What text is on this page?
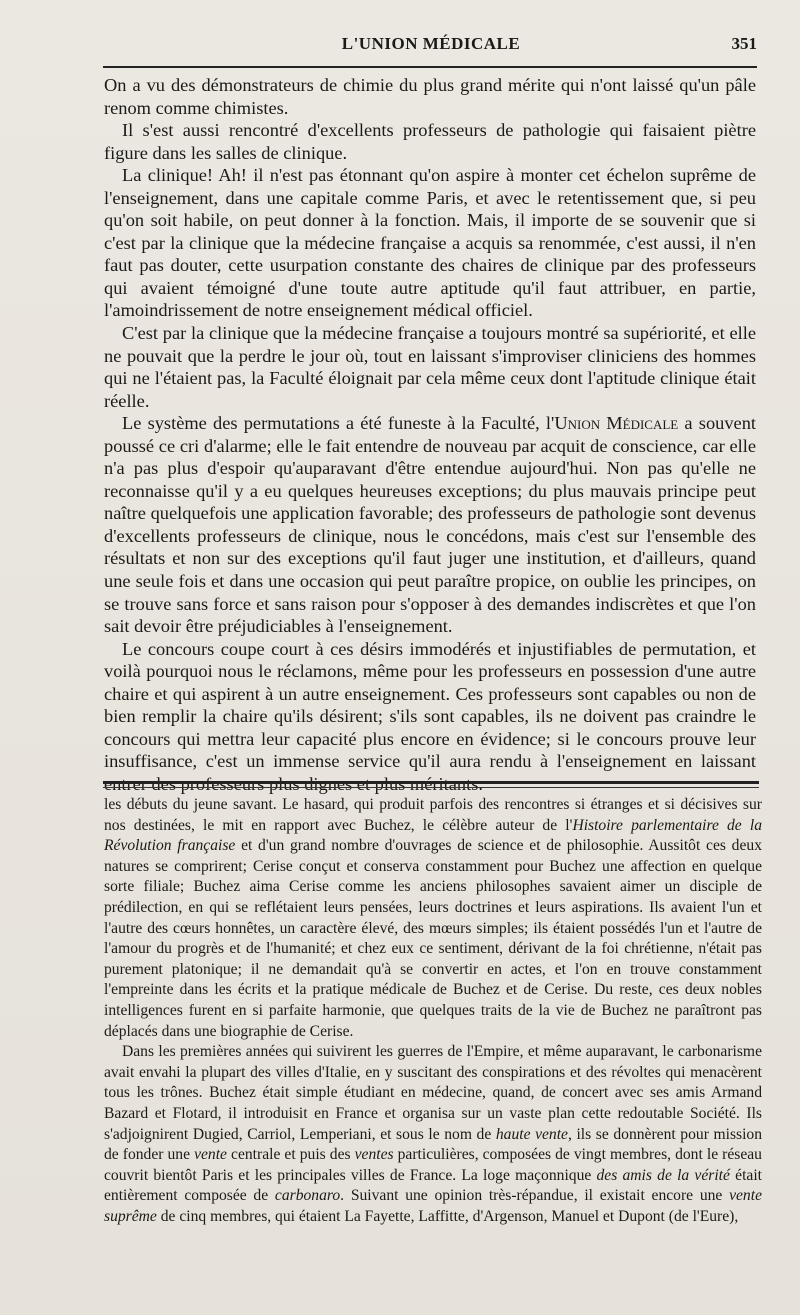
L'UNION MÉDICALE	351

On a vu des démonstrateurs de chimie du plus grand mérite qui n'ont laissé qu'un pâle renom comme chimistes.

Il s'est aussi rencontré d'excellents professeurs de pathologie qui faisaient piètre figure dans les salles de clinique.

La clinique! Ah! il n'est pas étonnant qu'on aspire à monter cet échelon suprême de l'enseignement, dans une capitale comme Paris, et avec le retentissement que, si peu qu'on soit habile, on peut donner à la fonction. Mais, il importe de se souvenir que si c'est par la clinique que la médecine française a acquis sa renommée, c'est aussi, il n'en faut pas douter, cette usurpation constante des chaires de clinique par des professeurs qui avaient témoigné d'une toute autre aptitude qu'il faut attribuer, en partie, l'amoindrissement de notre enseignement médical officiel.

C'est par la clinique que la médecine française a toujours montré sa supériorité, et elle ne pouvait que la perdre le jour où, tout en laissant s'improviser cliniciens des hommes qui ne l'étaient pas, la Faculté éloignait par cela même ceux dont l'aptitude clinique était réelle.

Le système des permutations a été funeste à la Faculté, l'Union Médicale a souvent poussé ce cri d'alarme; elle le fait entendre de nouveau par acquit de conscience, car elle n'a pas plus d'espoir qu'auparavant d'être entendue aujourd'hui. Non pas qu'elle ne reconnaisse qu'il y a eu quelques heureuses exceptions; du plus mauvais principe peut naître quelquefois une application favorable; des professeurs de pathologie sont devenus d'excellents professeurs de clinique, nous le concédons, mais c'est sur l'ensemble des résultats et non sur des exceptions qu'il faut juger une institution, et d'ailleurs, quand une seule fois et dans une occasion qui peut paraître propice, on oublie les principes, on se trouve sans force et sans raison pour s'opposer à des demandes indiscrètes et que l'on sait devoir être préjudiciables à l'enseignement.

Le concours coupe court à ces désirs immodérés et injustifiables de permutation, et voilà pourquoi nous le réclamons, même pour les professeurs en possession d'une autre chaire et qui aspirent à un autre enseignement. Ces professeurs sont capables ou non de bien remplir la chaire qu'ils désirent; s'ils sont capables, ils ne doivent pas craindre le concours qui mettra leur capacité plus encore en évidence; si le concours prouve leur insuffisance, c'est un immense service qu'il aura rendu à l'enseignement en laissant

les débuts du jeune savant. Le hasard, qui produit parfois des rencontres si étranges et si décisives sur nos destinées, le mit en rapport avec Buchez, le célèbre auteur de l'Histoire parlementaire de la Révolution française et d'un grand nombre d'ouvrages de science et de philosophie. Aussitôt ces deux natures se comprirent; Cerise conçut et conserva constamment pour Buchez une affection en quelque sorte filiale; Buchez aima Cerise comme les anciens philosophes savaient aimer un disciple de prédilection, en qui se reflétaient leurs pensées, leurs doctrines et leurs aspirations. Ils avaient l'un et l'autre des cœurs honnêtes, un caractère élevé, des mœurs simples; ils étaient possédés l'un et l'autre de l'amour du progrès et de l'humanité; et chez eux ce sentiment, dérivant de la foi chrétienne, n'était pas purement platonique; il ne demandait qu'à se convertir en actes, et l'on en trouve constamment l'empreinte dans les écrits et la pratique médicale de Buchez et de Cerise. Du reste, ces deux nobles intelligences furent en si parfaite harmonie, que quelques traits de la vie de Buchez ne paraîtront pas déplacés dans une biographie de Cerise.

Dans les premières années qui suivirent les guerres de l'Empire, et même auparavant, le carbonarisme avait envahi la plupart des villes d'Italie, en y suscitant des conspirations et des révoltes qui menacèrent tous les trônes. Buchez était simple étudiant en médecine, quand, de concert avec ses amis Armand Bazard et Flotard, il introduisit en France et organisa sur un vaste plan cette redoutable Société. Ils s'adjoignirent Dugied, Carriol, Lemperiani, et sous le nom de haute vente, ils se donnèrent pour mission de fonder une vente centrale et puis des ventes particulières, composées de vingt membres, dont le réseau couvrit bientôt Paris et les principales villes de France. La loge maçonnique des amis de la vérité était entièrement composée de carbonaro. Suivant une opinion très-répandue, il existait encore une vente suprême de cinq membres, qui étaient La Fayette, Laffitte, d'Argenson, Manuel et Dupont (de l'Eure),
